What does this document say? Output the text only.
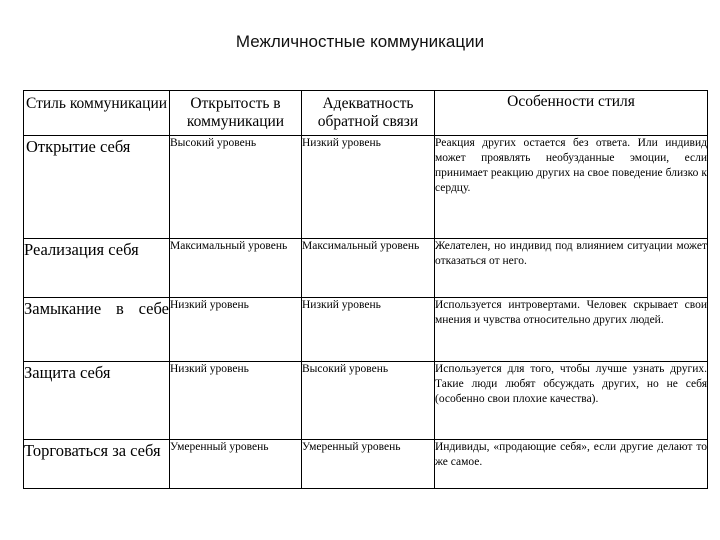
Межличностные коммуникации
Стиль коммуникации	Открытость в коммуникации	Адекватность обратной связи	Особенности стиля

Открытие себя	Высокий уровень	Низкий уровень	Реакция других остается без ответа. Или индивид может проявлять необузданные эмоции, если принимает реакцию других на свое поведение близко к сердцу.
Реализация себя	Максимальный уровень	Максимальный уровень	Желателен, но индивид под влиянием ситуации может отказаться от него.
Замыкание в себе	Низкий уровень	Низкий уровень	Используется интровертами. Человек скрывает свои мнения и чувства относительно других людей.
Защита себя	Низкий уровень	Высокий уровень	Используется для того, чтобы лучше узнать других. Такие люди любят обсуждать других, но не себя (особенно свои плохие качества).
Торговаться за себя	Умеренный уровень	Умеренный уровень	Индивиды, «продающие себя», если другие делают то же самое.
